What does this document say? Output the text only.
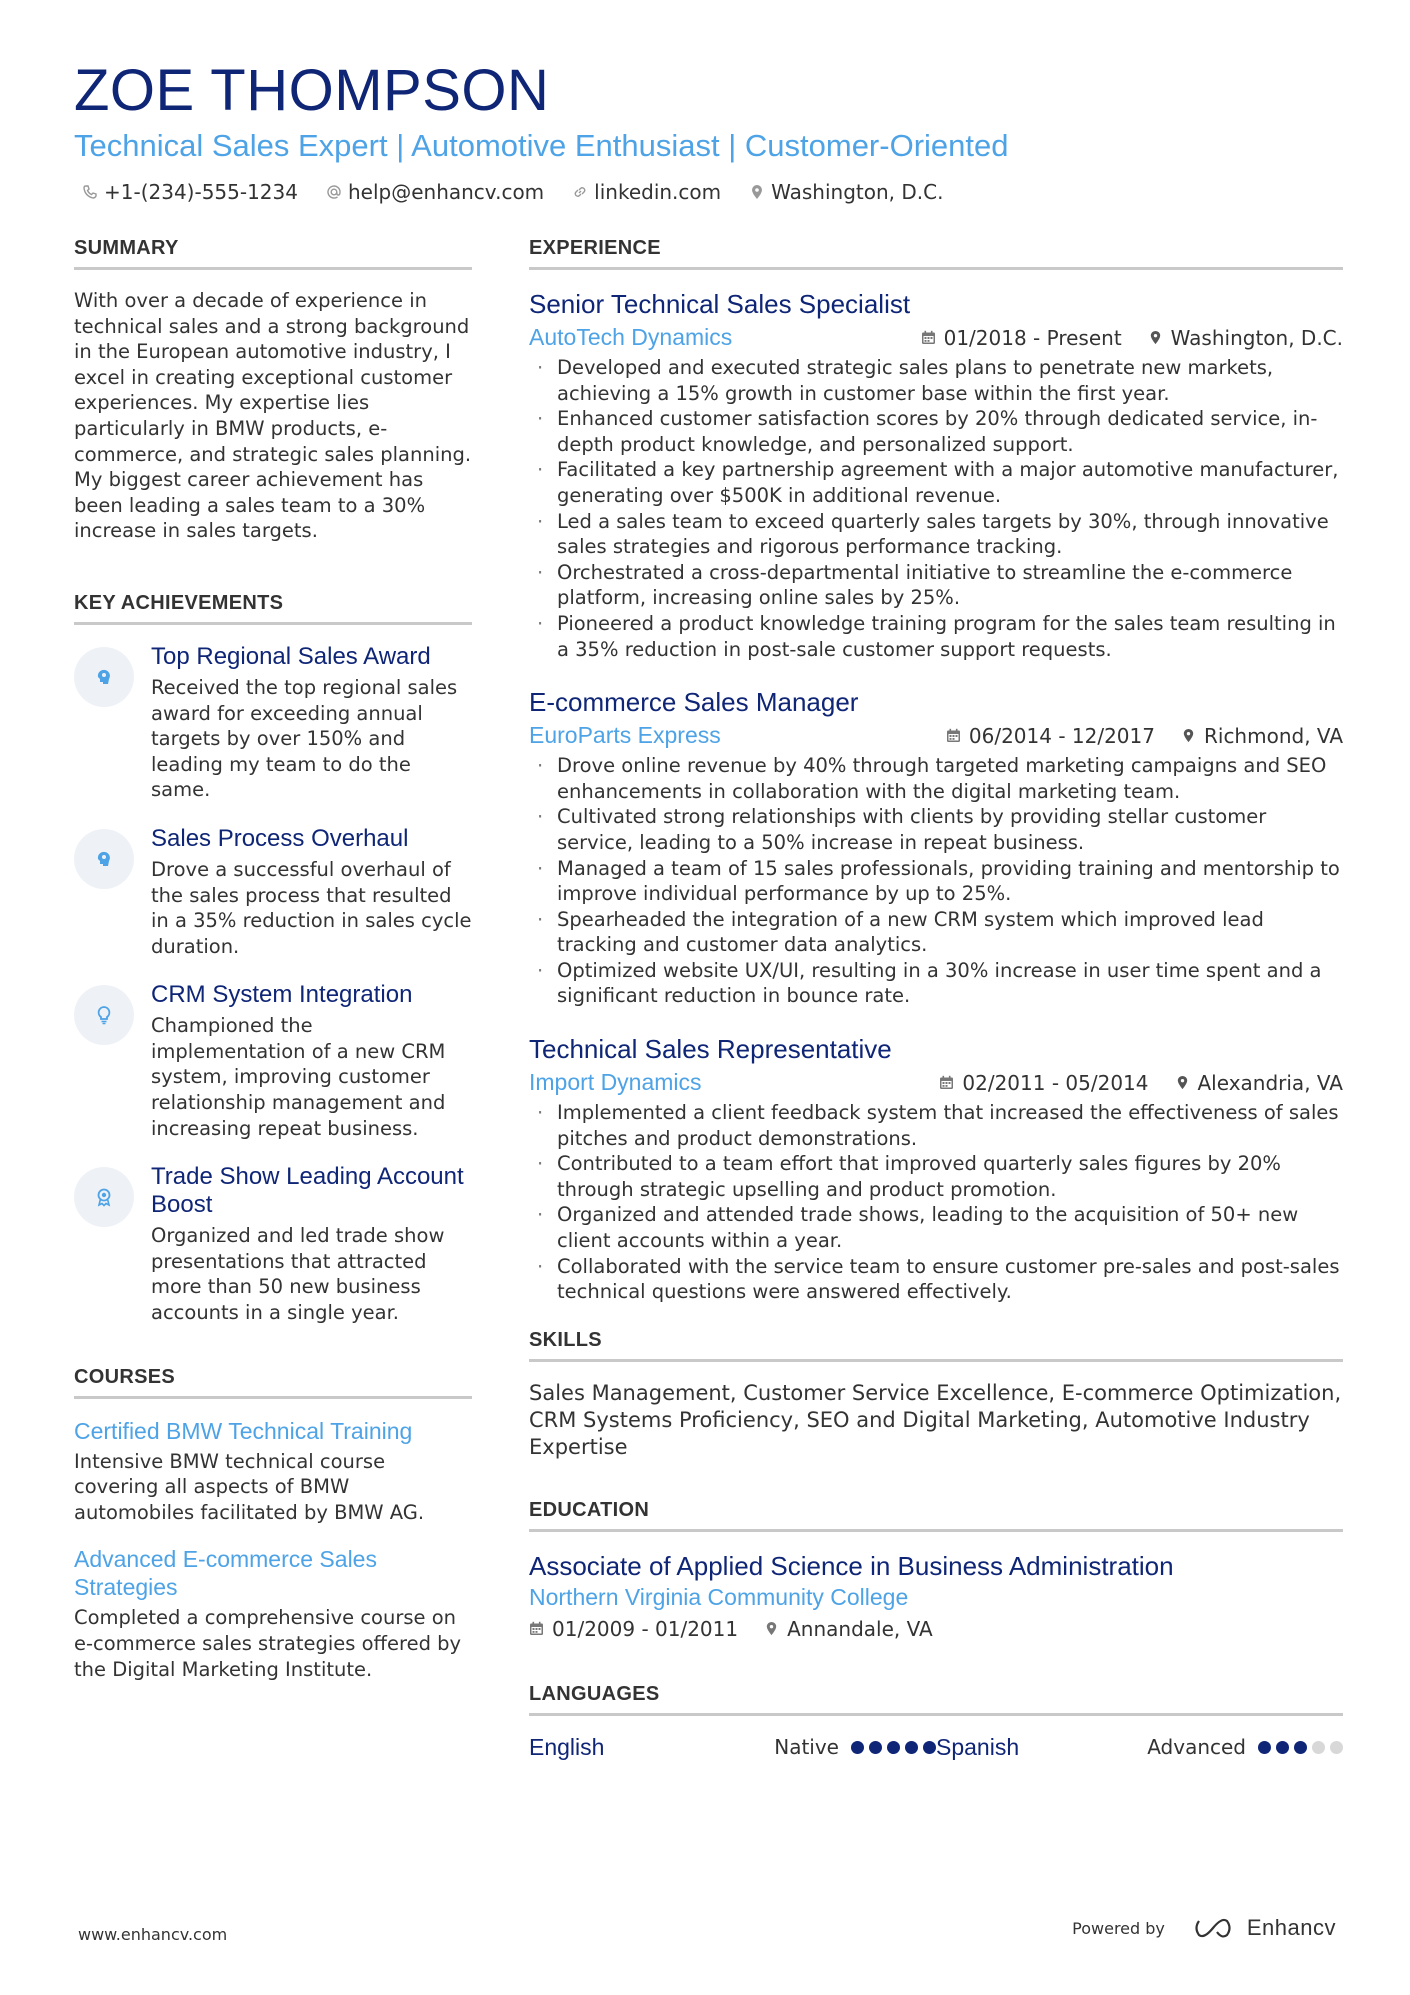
ZOE THOMPSON
Technical Sales Expert | Automotive Enthusiast | Customer-Oriented
+1-(234)-555-1234	help@enhancv.com	linkedin.com	Washington, D.C.
SUMMARY

With over a decade of experience in technical sales and a strong background in the European automotive industry, I excel in creating exceptional customer experiences. My expertise lies particularly in BMW products, e-commerce, and strategic sales planning. My biggest career achievement has been leading a sales team to a 30% increase in sales targets.

KEY ACHIEVEMENTS
Top Regional Sales Award

Received the top regional sales award for exceeding annual targets by over 150% and leading my team to do the same.

Sales Process Overhaul

Drove a successful overhaul of the sales process that resulted in a 35% reduction in sales cycle duration.

CRM System Integration

Championed the implementation of a new CRM system, improving customer relationship management and increasing repeat business.

Trade Show Leading Account Boost

Organized and led trade show presentations that attracted more than 50 new business accounts in a single year.

COURSES
Certified BMW Technical Training

Intensive BMW technical course covering all aspects of BMW automobiles facilitated by BMW AG.

Advanced E-commerce Sales Strategies

Completed a comprehensive course on e-commerce sales strategies offered by the Digital Marketing Institute.

EXPERIENCE
Senior Technical Sales Specialist
AutoTech Dynamics	01/2018 - Present Washington, D.C.
· Developed and executed strategic sales plans to penetrate new markets, achieving a 15% growth in customer base within the first year.
· Enhanced customer satisfaction scores by 20% through dedicated service, in-depth product knowledge, and personalized support.
· Facilitated a key partnership agreement with a major automotive manufacturer, generating over $500K in additional revenue.
· Led a sales team to exceed quarterly sales targets by 30%, through innovative sales strategies and rigorous performance tracking.
· Orchestrated a cross-departmental initiative to streamline the e-commerce platform, increasing online sales by 25%.
· Pioneered a product knowledge training program for the sales team resulting in a 35% reduction in post-sale customer support requests.
E-commerce Sales Manager
EuroParts Express	06/2014 - 12/2017 Richmond, VA
· Drove online revenue by 40% through targeted marketing campaigns and SEO enhancements in collaboration with the digital marketing team.
· Cultivated strong relationships with clients by providing stellar customer service, leading to a 50% increase in repeat business.
· Managed a team of 15 sales professionals, providing training and mentorship to improve individual performance by up to 25%.
· Spearheaded the integration of a new CRM system which improved lead tracking and customer data analytics.
· Optimized website UX/UI, resulting in a 30% increase in user time spent and a significant reduction in bounce rate.
Technical Sales Representative
Import Dynamics	02/2011 - 05/2014 Alexandria, VA
· Implemented a client feedback system that increased the effectiveness of sales pitches and product demonstrations.
· Contributed to a team effort that improved quarterly sales figures by 20% through strategic upselling and product promotion.
· Organized and attended trade shows, leading to the acquisition of 50+ new client accounts within a year.
· Collaborated with the service team to ensure customer pre-sales and post-sales technical questions were answered effectively.
SKILLS

Sales Management, Customer Service Excellence, E-commerce Optimization, CRM Systems Proficiency, SEO and Digital Marketing, Automotive Industry Expertise

EDUCATION
Associate of Applied Science in Business Administration
Northern Virginia Community College
01/2009 - 01/2011 Annandale, VA
LANGUAGES
English	Native	Spanish	Advanced
www.enhancv.com	Powered by	Enhancv
